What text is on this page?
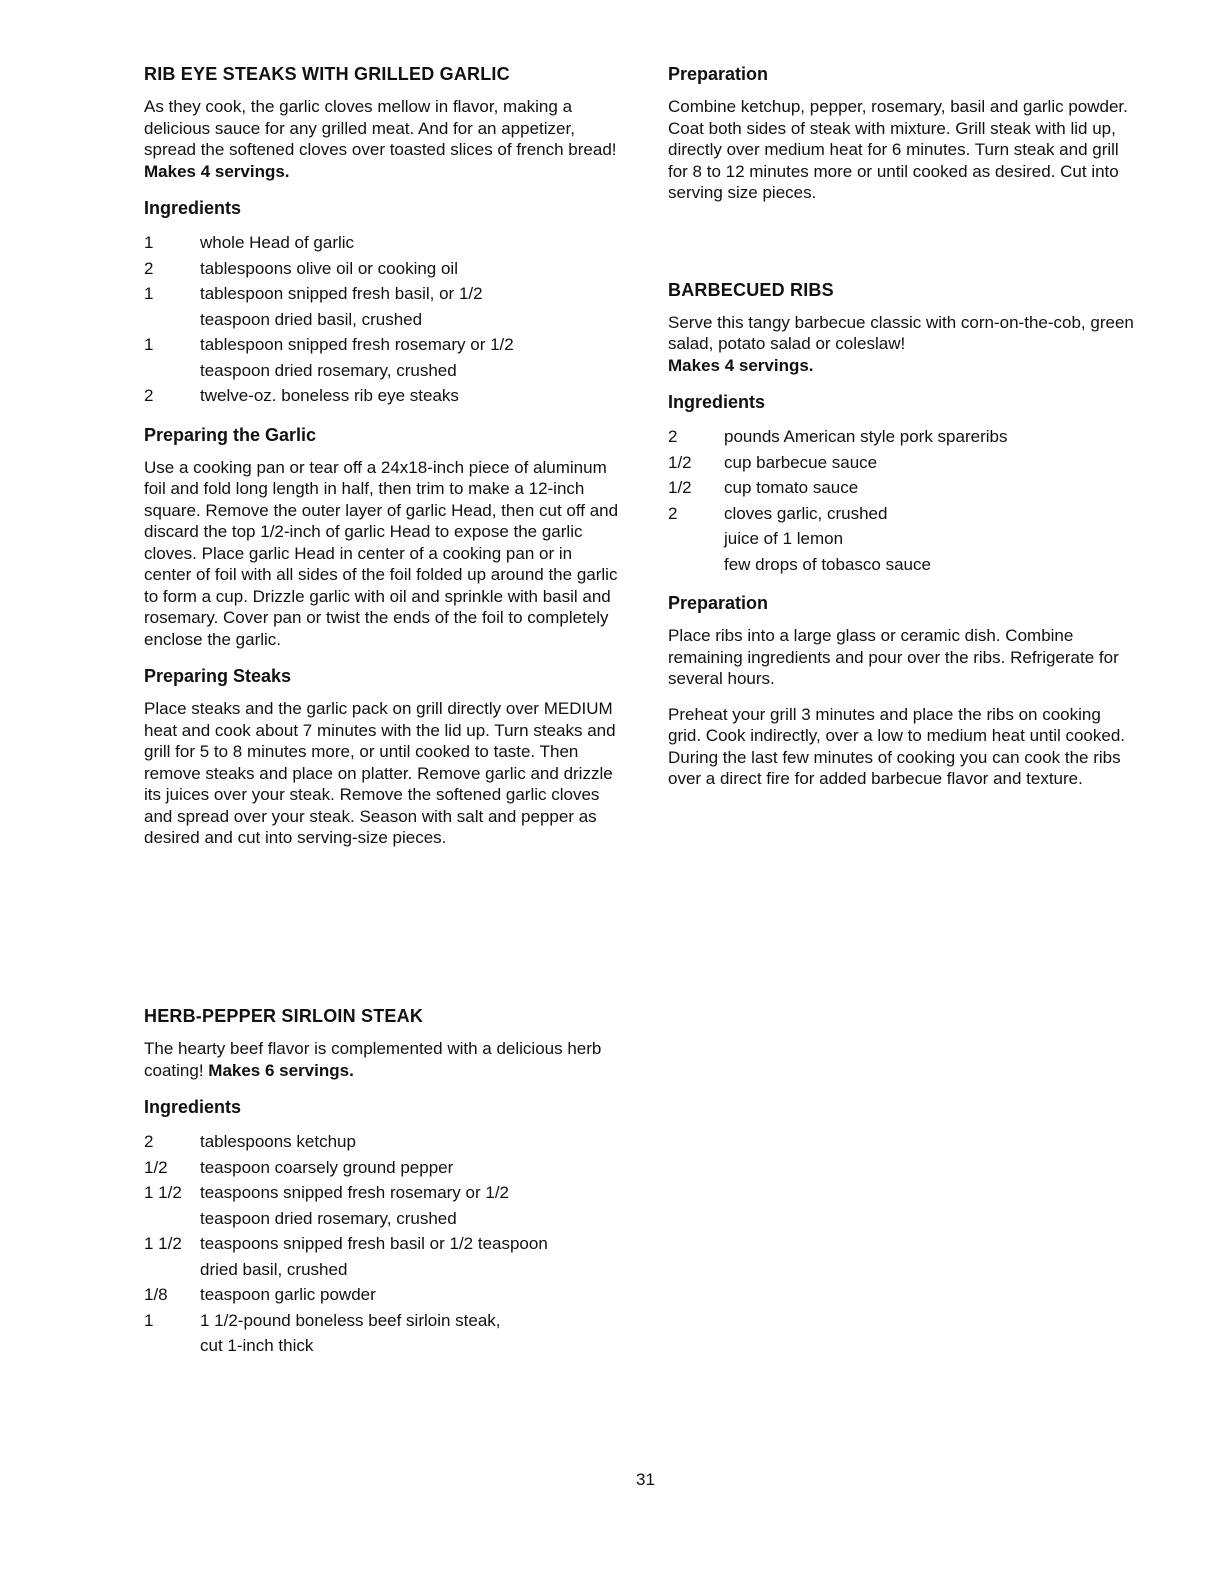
RIB EYE STEAKS WITH GRILLED GARLIC

As they cook, the garlic cloves mellow in flavor, making a delicious sauce for any grilled meat. And for an appetizer, spread the softened cloves over toasted slices of french bread! Makes 4 servings.

Ingredients
1	whole Head of garlic
2	tablespoons olive oil or cooking oil
1	tablespoon snipped fresh basil, or 1/2
teaspoon dried basil, crushed
1	tablespoon snipped fresh rosemary or 1/2
teaspoon dried rosemary, crushed
2	twelve-oz. boneless rib eye steaks
Preparing the Garlic

Use a cooking pan or tear off a 24x18-inch piece of aluminum foil and fold long length in half, then trim to make a 12-inch square. Remove the outer layer of garlic Head, then cut off and discard the top 1/2-inch of garlic Head to expose the garlic cloves. Place garlic Head in center of a cooking pan or in center of foil with all sides of the foil folded up around the garlic to form a cup. Drizzle garlic with oil and sprinkle with basil and rosemary. Cover pan or twist the ends of the foil to completely enclose the garlic.

Preparing Steaks

Place steaks and the garlic pack on grill directly over MEDIUM heat and cook about 7 minutes with the lid up. Turn steaks and grill for 5 to 8 minutes more, or until cooked to taste. Then remove steaks and place on platter. Remove garlic and drizzle its juices over your steak. Remove the softened garlic cloves and spread over your steak. Season with salt and pepper as desired and cut into serving-size pieces.

HERB-PEPPER SIRLOIN STEAK

The hearty beef flavor is complemented with a delicious herb coating! Makes 6 servings.

Ingredients
2	tablespoons ketchup
1/2	teaspoon coarsely ground pepper
1 1/2	teaspoons snipped fresh rosemary or 1/2
teaspoon dried rosemary, crushed
1 1/2	teaspoons snipped fresh basil or 1/2 teaspoon
dried basil, crushed
1/8	teaspoon garlic powder
1	1 1/2-pound boneless beef sirloin steak,
cut 1-inch thick
Preparation

Combine ketchup, pepper, rosemary, basil and garlic powder. Coat both sides of steak with mixture. Grill steak with lid up, directly over medium heat for 6 minutes. Turn steak and grill for 8 to 12 minutes more or until cooked as desired. Cut into serving size pieces.

BARBECUED RIBS

Serve this tangy barbecue classic with corn-on-the-cob, green salad, potato salad or coleslaw!
Makes 4 servings.

Ingredients
2	pounds American style pork spareribs
1/2	cup barbecue sauce
1/2	cup tomato sauce
2	cloves garlic, crushed
juice of 1 lemon
few drops of tobasco sauce
Preparation

Place ribs into a large glass or ceramic dish. Combine remaining ingredients and pour over the ribs. Refrigerate for several hours.

Preheat your grill 3 minutes and place the ribs on cooking grid. Cook indirectly, over a low to medium heat until cooked. During the last few minutes of cooking you can cook the ribs over a direct fire for added barbecue flavor and texture.

31
